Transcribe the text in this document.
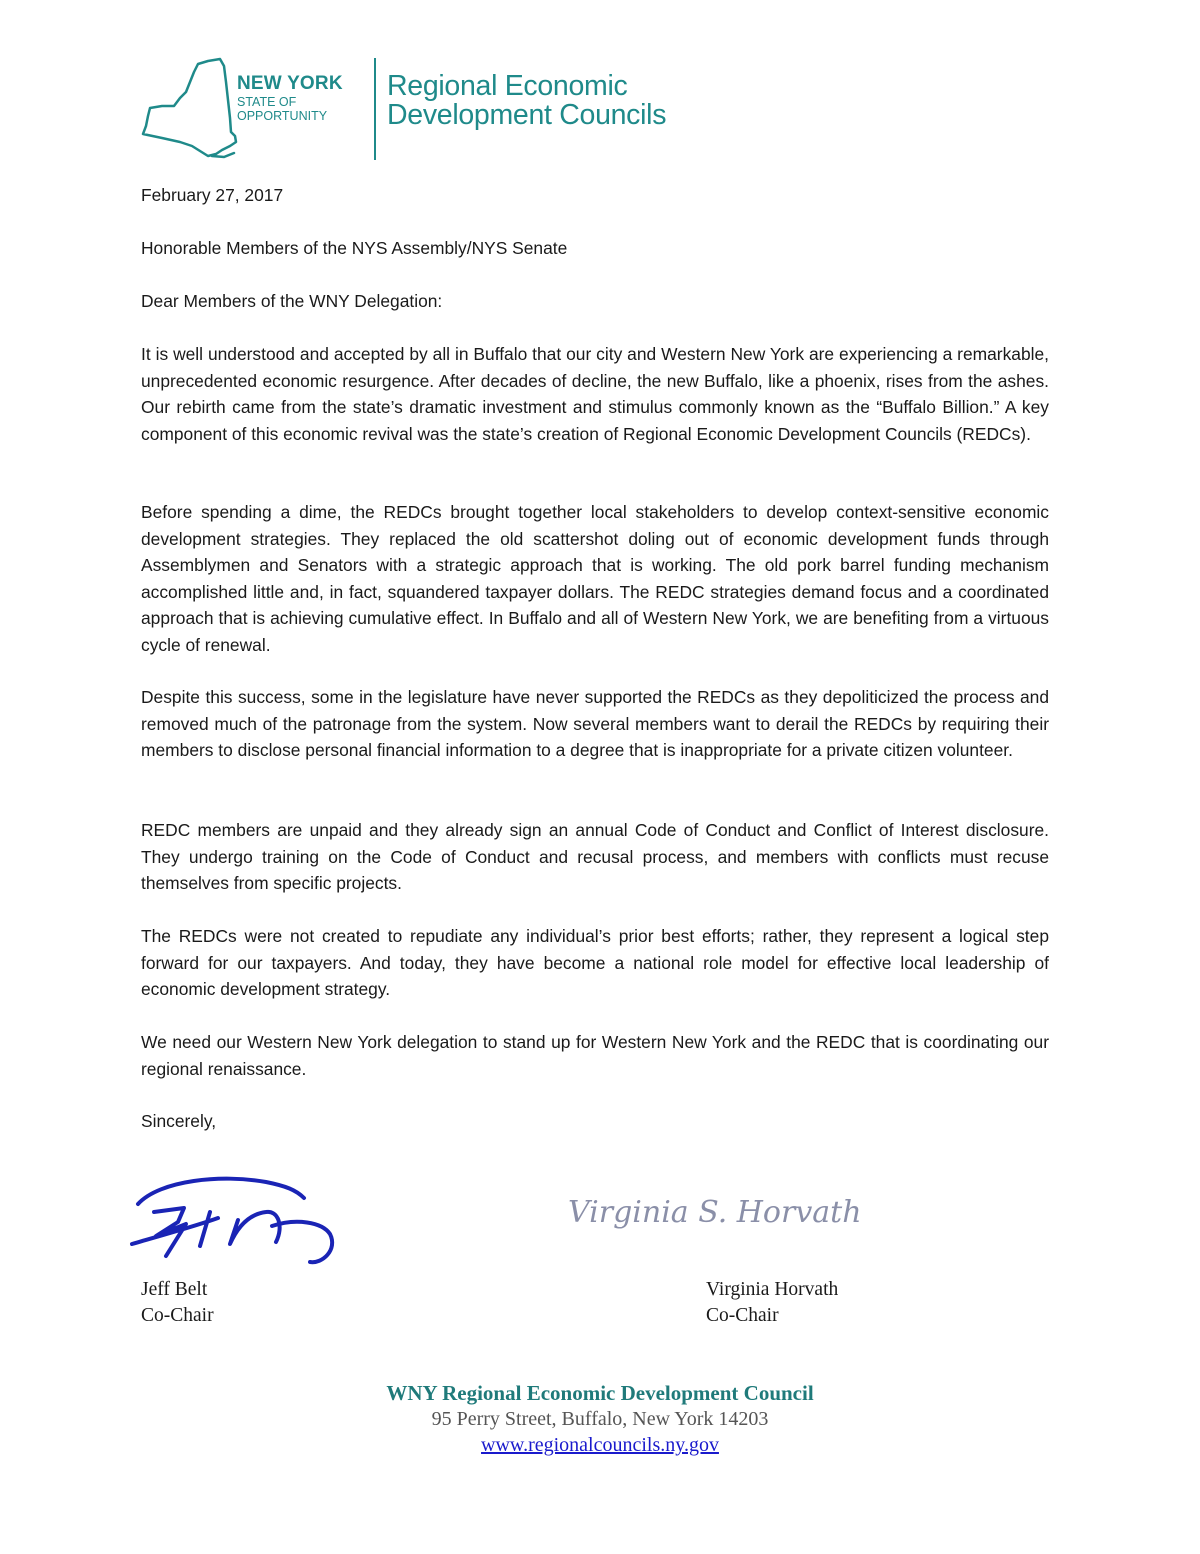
NEW YORK
STATE OF
OPPORTUNITY
Regional Economic
Development Councils

February 27, 2017

Honorable Members of the NYS Assembly/NYS Senate

Dear Members of the WNY Delegation:

It is well understood and accepted by all in Buffalo that our city and Western New York are experiencing a remarkable, unprecedented economic resurgence. After decades of decline, the new Buffalo, like a phoenix, rises from the ashes. Our rebirth came from the state’s dramatic investment and stimulus commonly known as the “Buffalo Billion.” A key component of this economic revival was the state’s creation of Regional Economic Development Councils (REDCs).

Before spending a dime, the REDCs brought together local stakeholders to develop context-sensitive economic development strategies. They replaced the old scattershot doling out of economic development funds through Assemblymen and Senators with a strategic approach that is working. The old pork barrel funding mechanism accomplished little and, in fact, squandered taxpayer dollars. The REDC strategies demand focus and a coordinated approach that is achieving cumulative effect. In Buffalo and all of Western New York, we are benefiting from a virtuous cycle of renewal.

Despite this success, some in the legislature have never supported the REDCs as they depoliticized the process and removed much of the patronage from the system. Now several members want to derail the REDCs by requiring their members to disclose personal financial information to a degree that is inappropriate for a private citizen volunteer.

REDC members are unpaid and they already sign an annual Code of Conduct and Conflict of Interest disclosure. They undergo training on the Code of Conduct and recusal process, and members with conflicts must recuse themselves from specific projects.

The REDCs were not created to repudiate any individual’s prior best efforts; rather, they represent a logical step forward for our taxpayers. And today, they have become a national role model for effective local leadership of economic development strategy.

We need our Western New York delegation to stand up for Western New York and the REDC that is coordinating our regional renaissance.

Sincerely,

Virginia S. Horvath
Jeff Belt
Co-Chair
Virginia Horvath
Co-Chair
WNY Regional Economic Development Council
95 Perry Street, Buffalo, New York 14203
www.regionalcouncils.ny.gov
